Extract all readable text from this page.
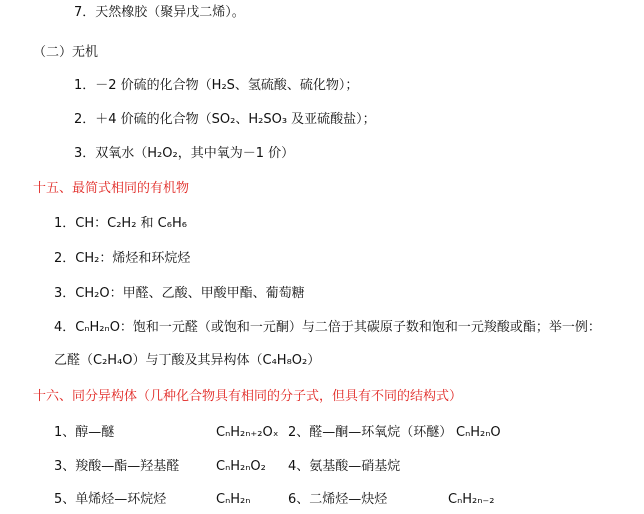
7．天然橡胶（聚异戊二烯）。
（二）无机
1．－2 价硫的化合物（H₂S、氢硫酸、硫化物）；
2．＋4 价硫的化合物（SO₂、H₂SO₃ 及亚硫酸盐）；
3．双氧水（H₂O₂，其中氧为－1 价）
十五、最简式相同的有机物
1．CH：C₂H₂ 和 C₆H₆
2．CH₂：烯烃和环烷烃
3．CH₂O：甲醛、乙酸、甲酸甲酯、葡萄糖
4．CₙH₂ₙO：饱和一元醛（或饱和一元酮）与二倍于其碳原子数和饱和一元羧酸或酯；举一例：
乙醛（C₂H₄O）与丁酸及其异构体（C₄H₈O₂）
十六、同分异构体（几种化合物具有相同的分子式，但具有不同的结构式）
1、醇—醚	CₙH₂ₙ₊₂Oₓ 2、醛—酮—环氧烷（环醚） CₙH₂ₙO
3、羧酸—酯—羟基醛	CₙH₂ₙO₂ 4、氨基酸—硝基烷
5、单烯烃—环烷烃	CₙH₂ₙ	6、二烯烃—炔烃	CₙH₂ₙ₋₂
